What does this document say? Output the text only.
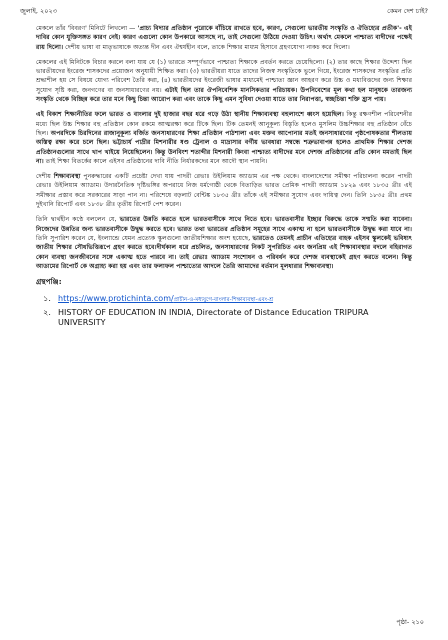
জুলাই, ২০২৩	কেমন দেশ চাই?

মেকলে তাঁর 'বিবরণ' মিনিটে লিখলো — 'প্রাচ্য বিদ্যার প্রতিষ্ঠান পুরোকে বাঁচিয়ে রাখতে হবে, কারণ, সেগুলো ভারতীয় সংস্কৃতি ও ঐতিহ্যের প্রতীক'- এই দাবির কোন যুক্তিসঙ্গত কারণ নেই। কারণ এগুলো কোন উপকারে আসছে না, তাই সেগুলো উঠিয়ে দেওয়া উচিৎ। অর্থাৎ মেকলে পাশ্চাত্য বাদীদের পক্ষেই রায় দিলো। দেশীয় ভাষা বা মাতৃভাষাকে অত্যন্ত দীন এবং ঐশ্বর্যহীন বলে, তাকে শিক্ষার মাধ্যম হিসাবে গ্রহণযোগ্য নাকচ করে দিলো।

মেকলের এই মিনিটকে বিচার করলে বলা যায় যে (১) ভারতে সম্পূর্ণভাবে পাশ্চাত্য শিক্ষাকে প্রবর্তন করতে চেয়েছিলো। (২) তার কাছে শিক্ষার উদ্দেশ্য ছিল ভারতীয়দের ইংরেজ শাসকদের প্রয়োজন অনুযায়ী শিক্ষিত করা। (৩) ভারতীয়রা যাতে তাদের নিজস্ব সংস্কৃতিকে ভুলে গিয়ে, ইংরেজ শাসকদের সংস্কৃতির প্রতি শ্রদ্ধাশীল হয় সে বিষয়ে যোগ্য পরিবেশ তৈরি করা, (৪) ভারতীয়দের ইংরেজী ভাষার মাধ্যমেই পাশ্চাত্য জ্ঞান আহরণ করে উচ্চ ও মধ্যবিত্তদের জন্য শিক্ষার সুযোগ সৃষ্টি করা, জনগণের বা জনসাধারণের নয়। এটাই ছিল তার ঔপনিবেশিক মানসিকতার পরিচায়ক। উপনিবেশের মূল কথা হল মানুষকে তারজন্য সংস্কৃতি থেকে বিচ্ছিন্ন করে তার মনে কিছু চিন্তা আরোপ করা এবং তাকে কিছু এমন সুবিধা দেওয়া যাতে তার নিরাপত্তা, স্বচ্ছচিন্তা শক্তি হ্রাস পায়।

এই বিকাশ শিক্ষানীতির ফলে ভারত ও বাংলার দুই হাজার বছর ধরে গড়ে উঠা স্থানীয় শিক্ষাব্যবস্থা বহুলাংশে ধ্বংস হয়েছিল। কিন্তু রক্ষণশীল পরিবেশনীর মধ্যে ছিল উচ্চ শিক্ষার বহু প্রতিষ্ঠান কোন রকমে আত্মরক্ষা করে টিকে ছিল। টিক তেমনই আনুকূল্য বিস্তৃতি হলেও মুসলিম উচ্চশিক্ষার বহু প্রতিষ্ঠান বেঁচে ছিল। অপরদিকে চিরদিনের রাজানুকূল্য বর্জিত জনসাধারণের শিক্ষা প্রতিষ্ঠান পাঠশালা এবং মক্তব আপোনার মতই জনসাধারণের পৃষ্ঠপোষকতার শীলতায় অস্তিত্ব রক্ষা করে চলে ছিল। ভট্টাচার্য পাদ্রীর মিশনারীর ষণ্ড ট্রেনাল ও মাদ্রাসার বর্গীয় ভাবধারা সম্বন্ধে শত্রুভাবাপন্ন হলেও প্রাথমিক শিক্ষার দেশজ প্রতিষ্ঠানগুলোর সাথে খাপ খাইয়ে নিয়েছিলেন। কিন্তু উনবিংশ শতাব্দীর মিশনারী কিংবা পাশ্চাত্য বাদীদের মনে দেশজ প্রতিষ্ঠানের প্রতি কোন মমতাই ছিল না। তাই শিক্ষা বিতর্কের কালে এইসব প্রতিষ্ঠানের দাবি নীতি নির্ধারকদের মনে আদৌ স্থান পায়নি।

দেশীয় শিক্ষাব্যবস্থা পুনরুদ্ধারের একটি প্রচেষ্টা দেখা যায় পাদরী রেভাঃ উইলিয়াম অ্যাডাম এর পক্ষ থেকে। বাংলাদেশের সমীক্ষা পরিচালনা করেন পাদরী রেভাঃ উইলিয়াম অ্যাডাম। উদারনৈতিক দৃষ্টিভঙ্গির অপরাধে নিজ ধর্মগোষ্ঠী থেকে বিতাড়িত ভারত প্রেমিক পাদরী অ্যাডাম ১৮২৯ এবং ১৮৩৫ খ্রীঃ এই সমীক্ষার প্রস্তাব করে সরকারের সাড়া পান না। পরিশেষে বড়লাট বেন্টিঙ্ক ১৮৩৫ খ্রীঃ তাঁকে এই সমীক্ষার সুযোগ এবং দায়িত্ব দেন। তিনি ১৮৩৫ খ্রীঃ প্রথম দুইখানি রিপোর্ট এবং ১৮৩৮ খ্রীঃ তৃতীয় রিপোর্ট পেশ করেন।

তিনি দ্ব্যর্থহীন কণ্ঠে বললেন যে, ভারতের উন্নতি করতে হলে ভারতবাসীকে সাথে নিতে হবে। ভারতবাসীর ইচ্ছার বিরুদ্ধে তাকে সম্মতি করা যাবেনা। নিজেদের উন্নতির জন্য ভারতবাসীকে উদ্বুদ্ধ করতে হবে। ভারত তথা ভারতের প্রতিষ্ঠান সমূহের সাথে একাত্ম না হলে ভারতবাসীকে উদ্বুদ্ধ করা যাবে না। তিনি সুপারিশ করেন যে, ইংল্যান্ডে যেমন প্রত্যেক স্কুলগুলো জাতীয়শিক্ষার অংশ হয়েছে, ভারতেও তেমনই প্রাচীন এতিহ্যের বাহক এইসব স্কুলকেই ভবিষ্যৎ জাতীয় শিক্ষার সৌধভিত্তিরূপে গ্রহণ করতে হবে।দীর্ঘকাল ধরে প্রচলিত, জনসাধারণের নিকট সুপরিচিত এবং জনপ্রিয় এই শিক্ষাব্যবস্থার বদলে বহিরাগত কোন ব্যবস্থা জনজীবনের সঙ্গে একাত্ম হতে পারবে না। তাই রেভাঃ অ্যাডাম সংশোধন ও পরিবর্ধন করে দেশজ ব্যবস্থাকেই গ্রহণ করতে বলেন। কিন্তু আডামের রিপোর্ট কে অগ্রাহ্য করা হয় এবং তার ফলাফল পাশ্চাত্যের আদলে তৈরি আমাদের বর্তমান মূলধারার শিক্ষাব্যবস্থা।

গ্রন্থপঞ্জি:
১. https://www.protichinta.com/প্রাচীন-ও-মধ্যযুগে-বাংলার-শিক্ষাব্যবস্থা-এবং-শ্র
২. HISTORY OF EDUCATION IN INDIA, Directorate of Distance Education TRIPURA UNIVERSITY
পৃষ্ঠা- ২১০
